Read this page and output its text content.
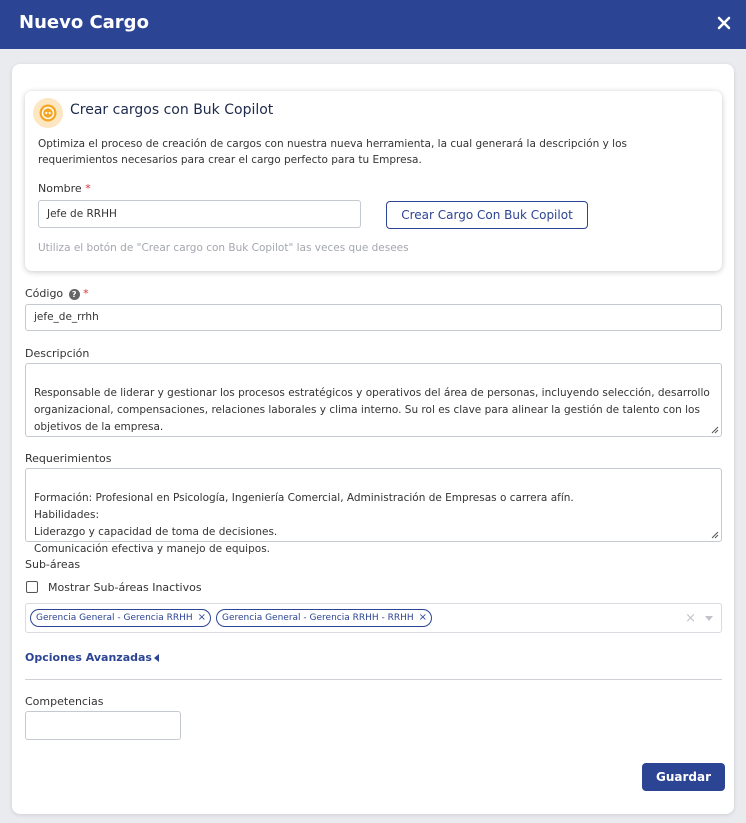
Nuevo Cargo
Crear cargos con Buk Copilot
Optimiza el proceso de creación de cargos con nuestra nueva herramienta, la cual generará la descripción y los requerimientos necesarios para crear el cargo perfecto para tu Empresa.
Nombre *
Jefe de RRHH	Crear Cargo Con Buk Copilot
Utiliza el botón de "Crear cargo con Buk Copilot" las veces que desees
Código ? *
jefe_de_rrhh
Descripción

Responsable de liderar y gestionar los procesos estratégicos y operativos del área de personas, incluyendo selección, desarrollo organizacional, compensaciones, relaciones laborales y clima interno. Su rol es clave para alinear la gestión de talento con los objetivos de la empresa.

Requerimientos

Formación: Profesional en Psicología, Ingeniería Comercial, Administración de Empresas o carrera afín.
Habilidades:
Liderazgo y capacidad de toma de decisiones.
Comunicación efectiva y manejo de equipos.

Sub-áreas
Mostrar Sub-áreas Inactivos
Gerencia General - Gerencia RRHH ×	Gerencia General - Gerencia RRHH - RRHH ×	×
Opciones Avanzadas
Competencias
Guardar
